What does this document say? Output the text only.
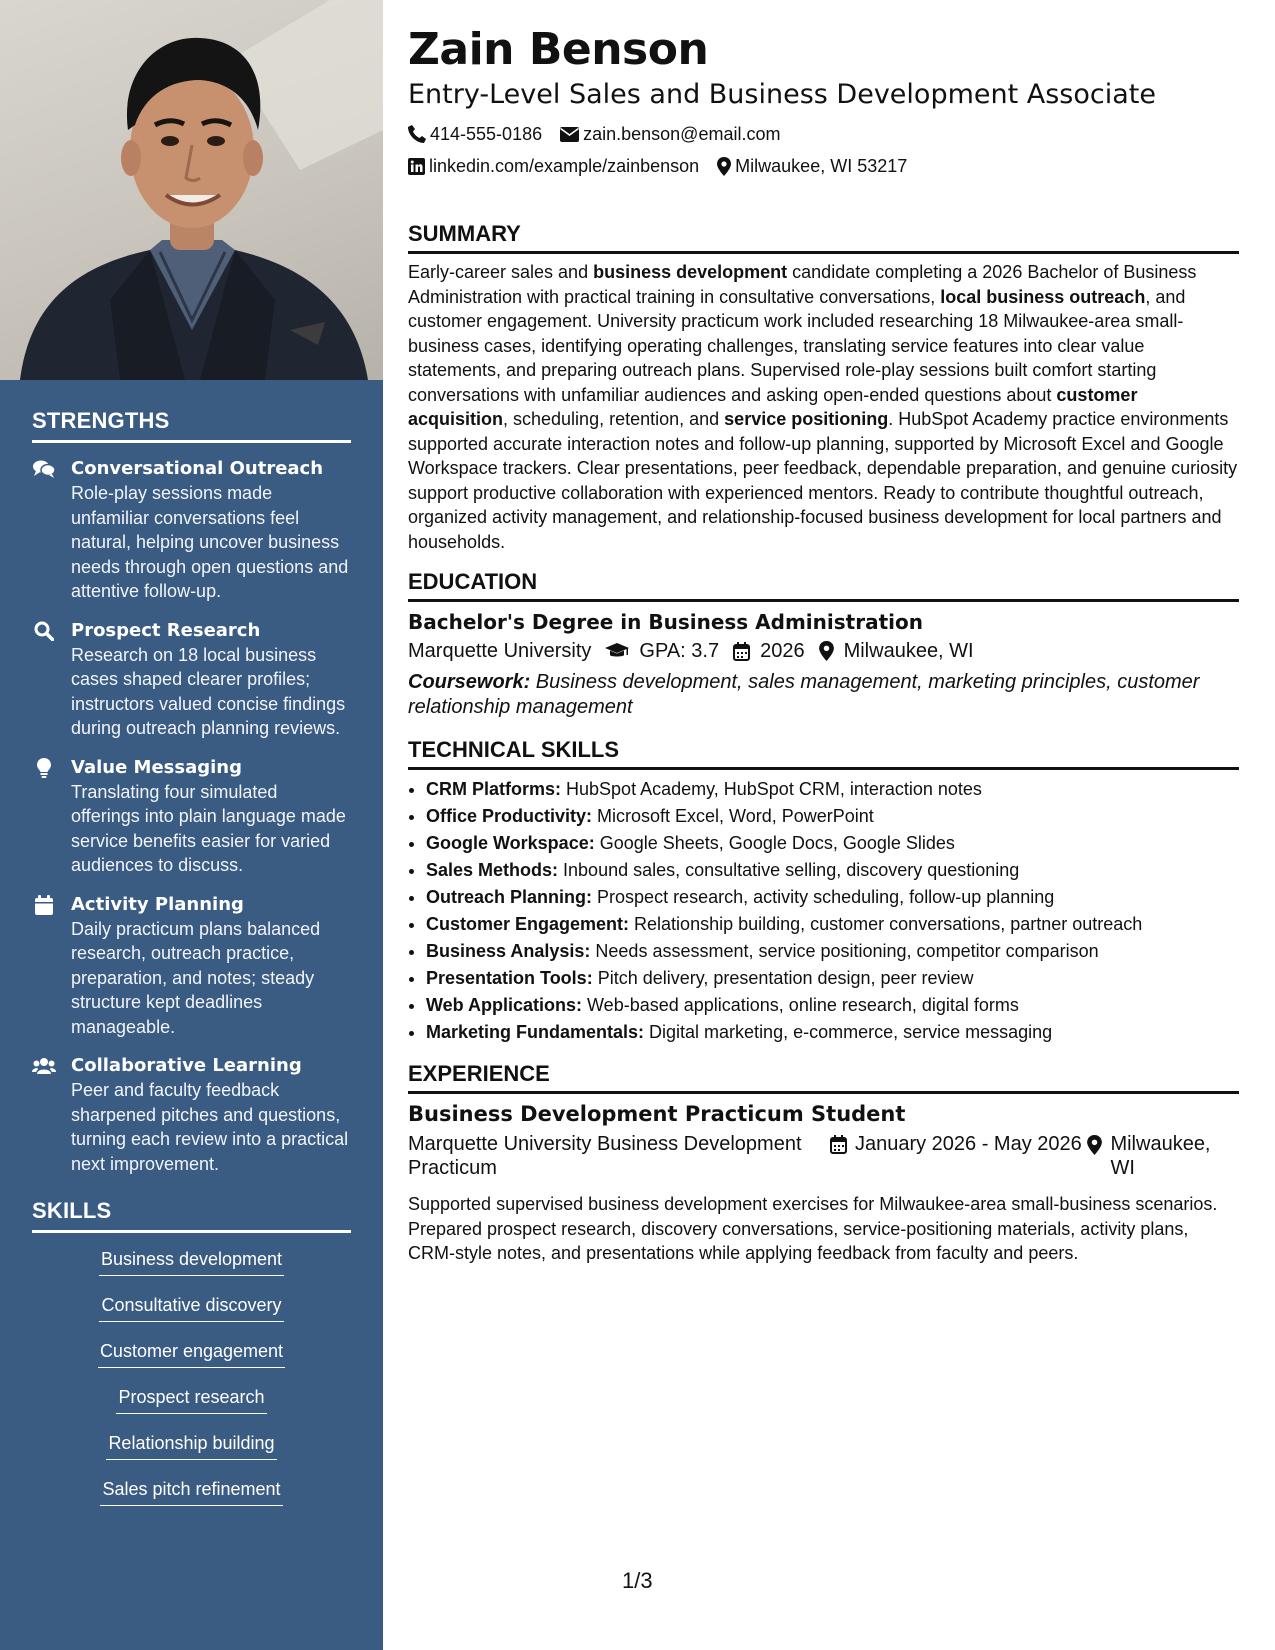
STRENGTHS
Conversational Outreach
Role-play sessions made unfamiliar conversations feel natural, helping uncover business needs through open questions and attentive follow-up.
Prospect Research
Research on 18 local business cases shaped clearer profiles; instructors valued concise findings during outreach planning reviews.
Value Messaging
Translating four simulated offerings into plain language made service benefits easier for varied audiences to discuss.
Activity Planning
Daily practicum plans balanced research, outreach practice, preparation, and notes; steady structure kept deadlines manageable.
Collaborative Learning
Peer and faculty feedback sharpened pitches and questions, turning each review into a practical next improvement.
SKILLS
Business development
Consultative discovery
Customer engagement
Prospect research
Relationship building
Sales pitch refinement
Zain Benson
Entry-Level Sales and Business Development Associate
414-555-0186 zain.benson@email.com
linkedin.com/example/zainbenson Milwaukee, WI 53217
SUMMARY

Early-career sales and business development candidate completing a 2026 Bachelor of Business Administration with practical training in consultative conversations, local business outreach, and customer engagement. University practicum work included researching 18 Milwaukee-area small-business cases, identifying operating challenges, translating service features into clear value statements, and preparing outreach plans. Supervised role-play sessions built comfort starting conversations with unfamiliar audiences and asking open-ended questions about customer acquisition, scheduling, retention, and service positioning. HubSpot Academy practice environments supported accurate interaction notes and follow-up planning, supported by Microsoft Excel and Google Workspace trackers. Clear presentations, peer feedback, dependable preparation, and genuine curiosity support productive collaboration with experienced mentors. Ready to contribute thoughtful outreach, organized activity management, and relationship-focused business development for local partners and households.

EDUCATION
Bachelor's Degree in Business Administration
Marquette University GPA: 3.7 2026 Milwaukee, WI
Coursework: Business development, sales management, marketing principles, customer relationship management
TECHNICAL SKILLS
• CRM Platforms: HubSpot Academy, HubSpot CRM, interaction notes
• Office Productivity: Microsoft Excel, Word, PowerPoint
• Google Workspace: Google Sheets, Google Docs, Google Slides
• Sales Methods: Inbound sales, consultative selling, discovery questioning
• Outreach Planning: Prospect research, activity scheduling, follow-up planning
• Customer Engagement: Relationship building, customer conversations, partner outreach
• Business Analysis: Needs assessment, service positioning, competitor comparison
• Presentation Tools: Pitch delivery, presentation design, peer review
• Web Applications: Web-based applications, online research, digital forms
• Marketing Fundamentals: Digital marketing, e-commerce, service messaging
EXPERIENCE
Business Development Practicum Student
Marquette University Business Development Practicum
January 2026 - May 2026 Milwaukee, WI
Supported supervised business development exercises for Milwaukee-area small-business scenarios. Prepared prospect research, discovery conversations, service-positioning materials, activity plans, CRM-style notes, and presentations while applying feedback from faculty and peers.
1/3
